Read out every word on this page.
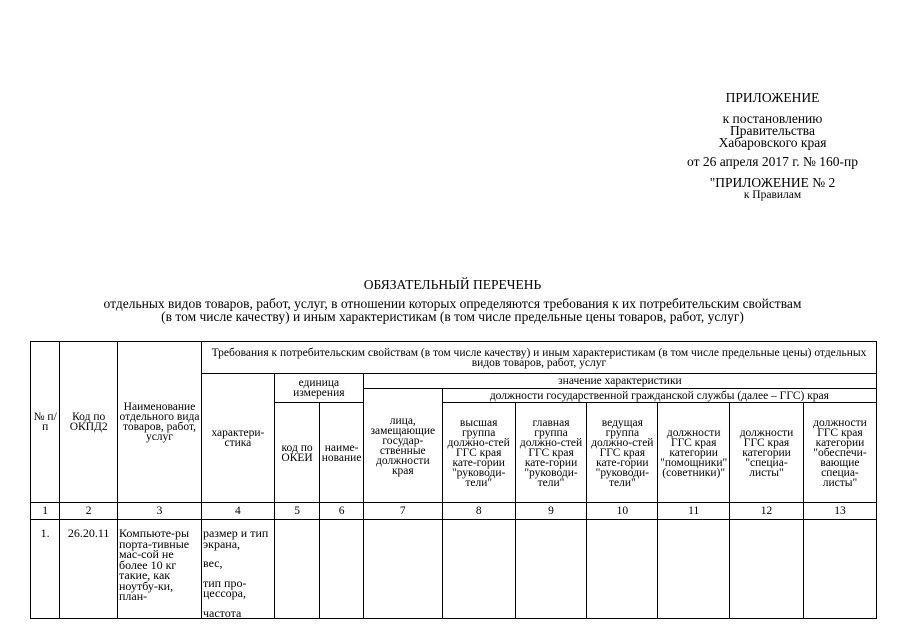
ПРИЛОЖЕНИЕ
к постановлению
Правительства
Хабаровского края
от 26 апреля 2017 г. № 160-пр
"ПРИЛОЖЕНИЕ № 2
к Правилам
ОБЯЗАТЕЛЬНЫЙ ПЕРЕЧЕНЬ
отдельных видов товаров, работ, услуг, в отношении которых определяются требования к их потребительским свойствам
(в том числе качеству) и иным характеристикам (в том числе предельные цены товаров, работ, услуг)
№ п/п	Код по ОКПД2	Наименование отдельного вида товаров, работ, услуг	Требования к потребительским свойствам (в том числе качеству) и иным характеристикам (в том числе предельные цены) отдельных видов товаров, работ, услуг									
			характери-стика	единица измерения		значение характеристики						
						лица, замещающие государ-ственные должности края	должности государственной гражданской службы (далее – ГГС) края					
				код по ОКЕИ	наиме-нование		высшая группа должно-стей ГГС края кате-гории "руководи-тели"	главная группа должно-стей ГГС края кате-гории "руководи-тели"	ведущая группа должно-стей ГГС края кате-гории "руководи-тели"	должности ГГС края категории "помощники" (советники)"	должности ГГС края категории "специа-листы"	должности ГГС края категории "обеспечи-вающие специа-листы"
1	2	3	4	5	6	7	8	9	10	11	12	13
1.	26.20.11	Компьюте-ры порта-тивные мас-сой не более 10 кг такие, как ноутбу-ки, план-	размер и тип экрана,
вес,
тип про-цессора,
частота									
